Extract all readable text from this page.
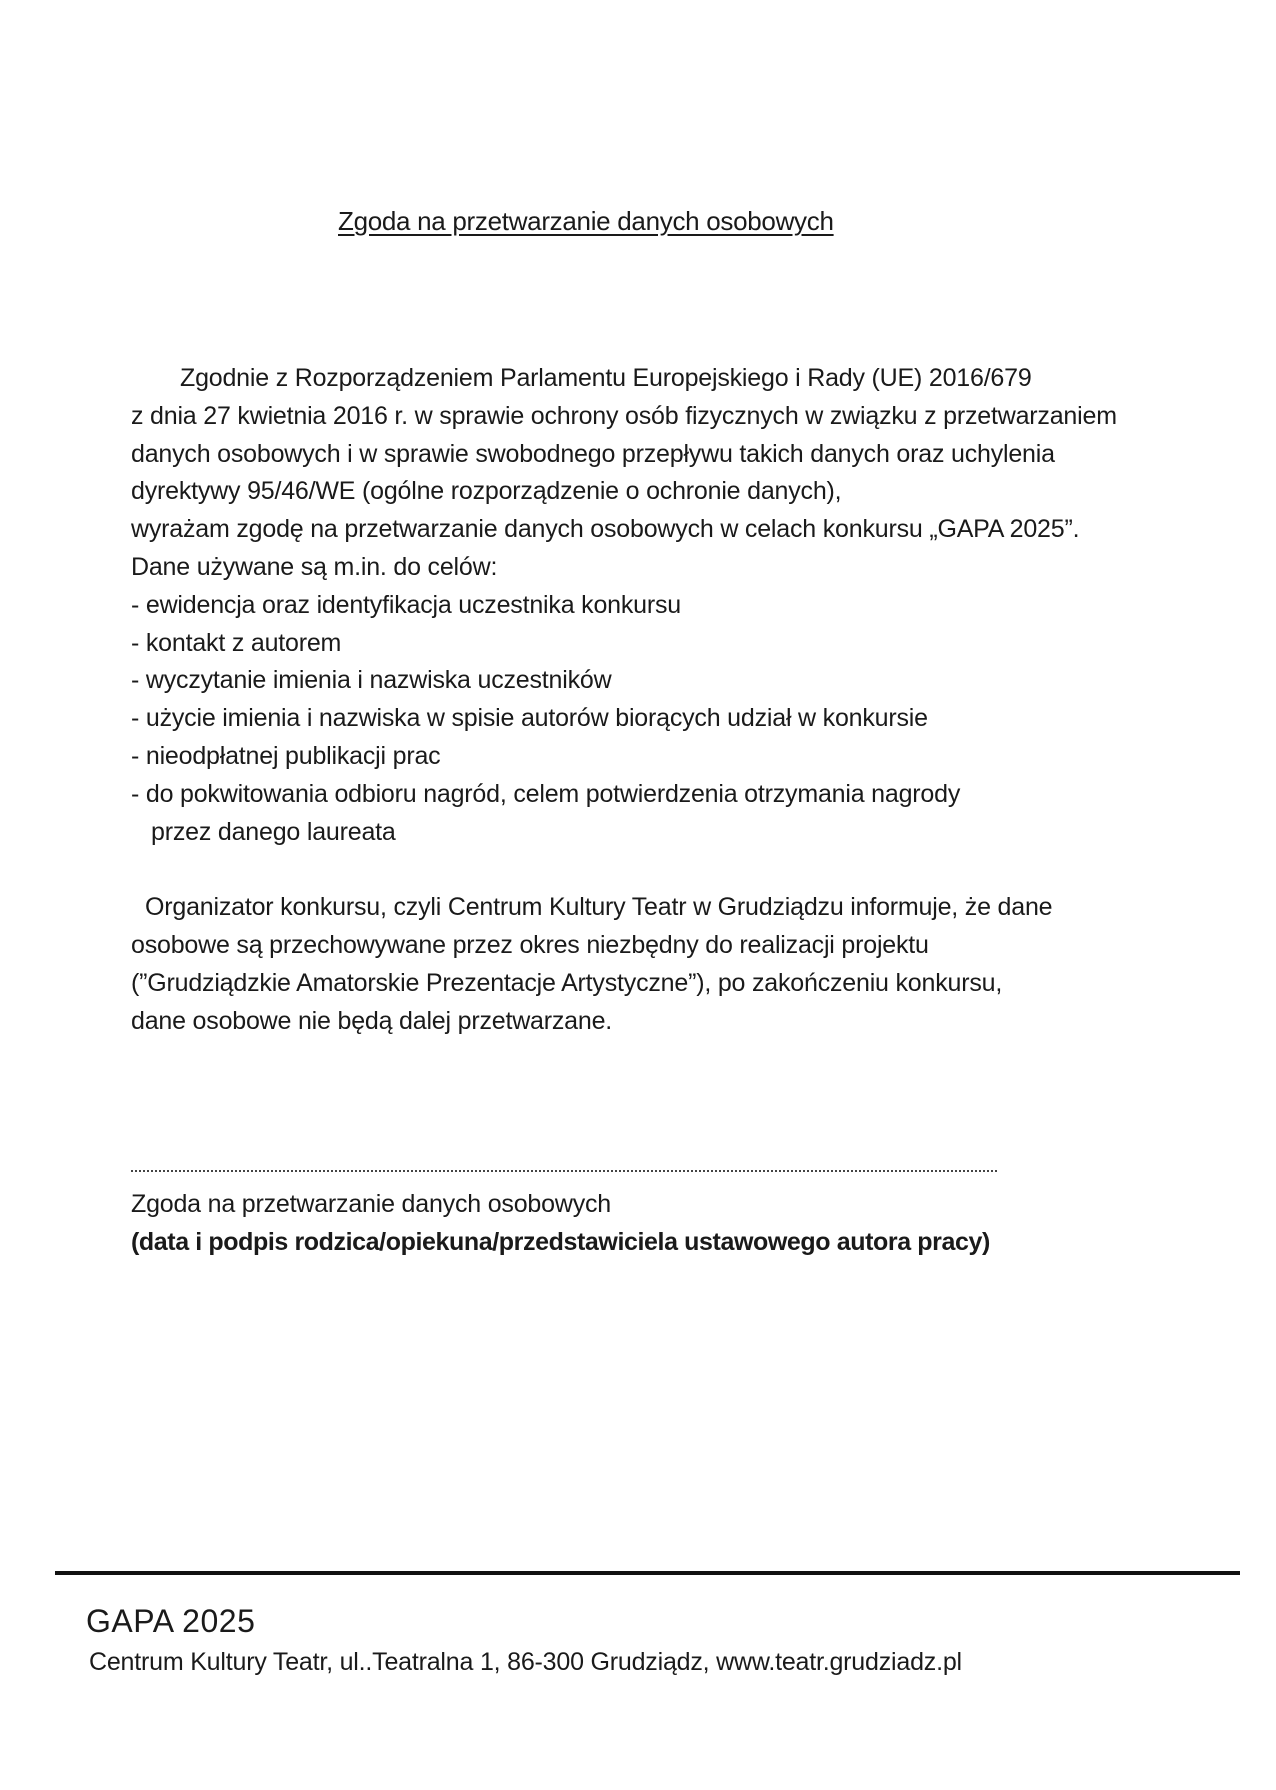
Zgoda na przetwarzanie danych osobowych
Zgodnie z Rozporządzeniem Parlamentu Europejskiego i Rady (UE) 2016/679
z dnia 27 kwietnia 2016 r. w sprawie ochrony osób fizycznych w związku z przetwarzaniem
danych osobowych i w sprawie swobodnego przepływu takich danych oraz uchylenia
dyrektywy 95/46/WE (ogólne rozporządzenie o ochronie danych),
wyrażam zgodę na przetwarzanie danych osobowych w celach konkursu „GAPA 2025”.
Dane używane są m.in. do celów:
- ewidencja oraz identyfikacja uczestnika konkursu
- kontakt z autorem
- wyczytanie imienia i nazwiska uczestników
- użycie imienia i nazwiska w spisie autorów biorących udział w konkursie
- nieodpłatnej publikacji prac
- do pokwitowania odbioru nagród, celem potwierdzenia otrzymania nagrody
przez danego laureata
Organizator konkursu, czyli Centrum Kultury Teatr w Grudziądzu informuje, że dane
osobowe są przechowywane przez okres niezbędny do realizacji projektu
(”Grudziądzkie Amatorskie Prezentacje Artystyczne”), po zakończeniu konkursu,
dane osobowe nie będą dalej przetwarzane.
Zgoda na przetwarzanie danych osobowych
(data i podpis rodzica/opiekuna/przedstawiciela ustawowego autora pracy)
GAPA 2025
Centrum Kultury Teatr, ul..Teatralna 1, 86-300 Grudziądz, www.teatr.grudziadz.pl
